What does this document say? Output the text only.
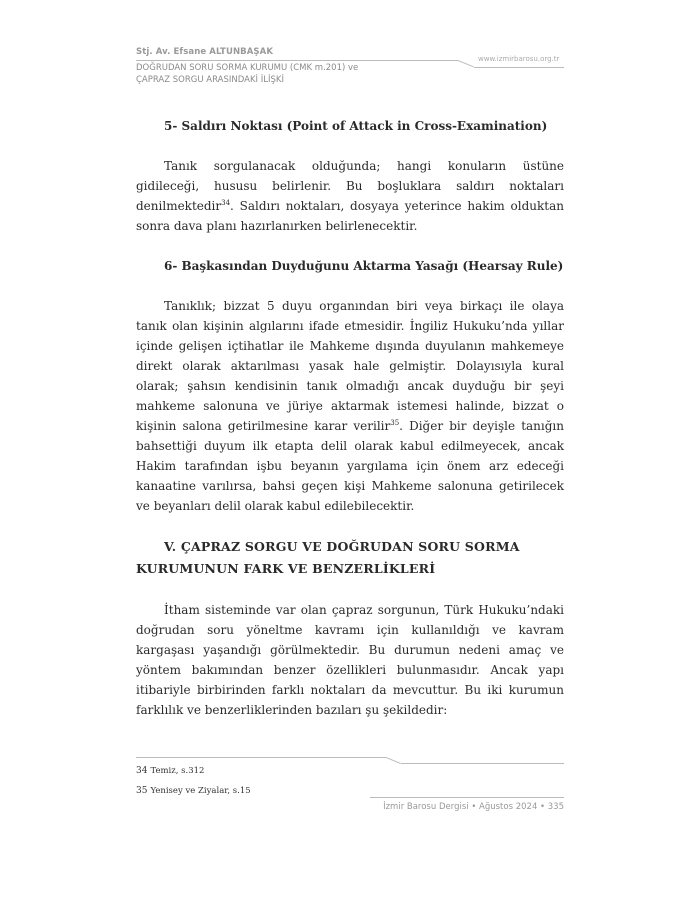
Stj. Av. Efsane ALTUNBAŞAK
www.izmirbarosu.org.tr
DOĞRUDAN SORU SORMA KURUMU (CMK m.201) ve
ÇAPRAZ SORGU ARASINDAKİ İLİŞKİ
5- Saldırı Noktası (Point of Attack in Cross-Examination)

Tanık sorgulanacak olduğunda; hangi konuların üstüne gidileceği, hususu belirlenir. Bu boşluklara saldırı noktaları denilmektedir$^{34}$. Saldırı noktaları, dosyaya yeterince hakim olduktan sonra dava planı hazırlanırken belirlenecektir.

6- Başkasından Duyduğunu Aktarma Yasağı (Hearsay Rule)

Tanıklık; bizzat 5 duyu organından biri veya birkaçı ile olaya tanık olan kişinin algılarını ifade etmesidir. İngiliz Hukuku’nda yıllar içinde gelişen içtihatlar ile Mahkeme dışında duyulanın mahkemeye direkt olarak aktarılması yasak hale gelmiştir. Dolayısıyla kural olarak; şahsın kendisinin tanık olmadığı ancak duyduğu bir şeyi mahkeme salonuna ve jüriye aktarmak istemesi halinde, bizzat o kişinin salona getirilmesine karar verilir$^{35}$. Diğer bir deyişle tanığın bahsettiği duyum ilk etapta delil olarak kabul edilmeyecek, ancak Hakim tarafından işbu beyanın yargılama için önem arz edeceği kanaatine varılırsa, bahsi geçen kişi Mahkeme salonuna getirilecek ve beyanları delil olarak kabul edilebilecektir.

V. ÇAPRAZ SORGU VE DOĞRUDAN SORU SORMA KURUMUNUN FARK VE BENZERLİKLERİ

İtham sisteminde var olan çapraz sorgunun, Türk Hukuku’ndaki doğrudan soru yöneltme kavramı için kullanıldığı ve kavram kargaşası yaşandığı görülmektedir. Bu durumun nedeni amaç ve yöntem bakımından benzer özellikleri bulunmasıdır. Ancak yapı itibariyle birbirinden farklı noktaları da mevcuttur. Bu iki kurumun farklılık ve benzerliklerinden bazıları şu şekildedir:

34 Temiz, s.312
35 Yenisey ve Ziyalar, s.15
İzmir Barosu Dergisi • Ağustos 2024 • 335
